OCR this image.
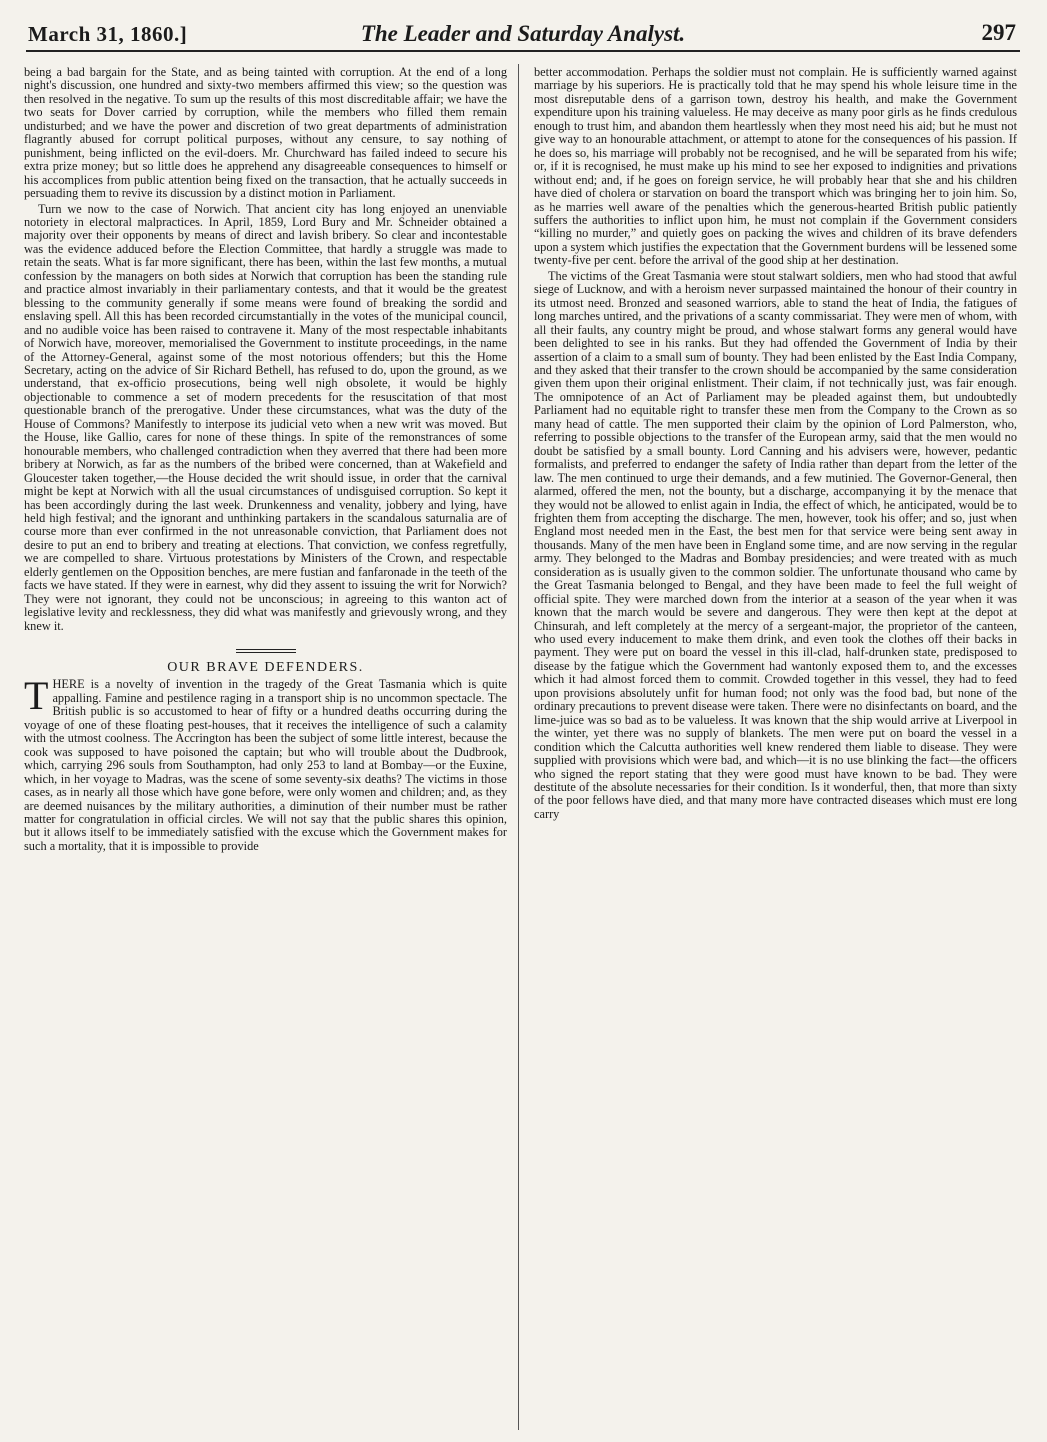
March 31, 1860.]	The Leader and Saturday Analyst.	297

being a bad bargain for the State, and as being tainted with corruption. At the end of a long night's discussion, one hundred and sixty-two members affirmed this view; so the question was then resolved in the negative. To sum up the results of this most discreditable affair; we have the two seats for Dover carried by corruption, while the members who filled them remain undisturbed; and we have the power and discretion of two great departments of administration flagrantly abused for corrupt political purposes, without any censure, to say nothing of punishment, being inflicted on the evil-doers. Mr. Churchward has failed indeed to secure his extra prize money; but so little does he apprehend any disagreeable consequences to himself or his accomplices from public attention being fixed on the transaction, that he actually succeeds in persuading them to revive its discussion by a distinct motion in Parliament.

Turn we now to the case of Norwich. That ancient city has long enjoyed an unenviable notoriety in electoral malpractices. In April, 1859, Lord Bury and Mr. Schneider obtained a majority over their opponents by means of direct and lavish bribery. So clear and incontestable was the evidence adduced before the Election Committee, that hardly a struggle was made to retain the seats. What is far more significant, there has been, within the last few months, a mutual confession by the managers on both sides at Norwich that corruption has been the standing rule and practice almost invariably in their parliamentary contests, and that it would be the greatest blessing to the community generally if some means were found of breaking the sordid and enslaving spell. All this has been recorded circumstantially in the votes of the municipal council, and no audible voice has been raised to contravene it. Many of the most respectable inhabitants of Norwich have, moreover, memorialised the Government to institute proceedings, in the name of the Attorney-General, against some of the most notorious offenders; but this the Home Secretary, acting on the advice of Sir Richard Bethell, has refused to do, upon the ground, as we understand, that ex-officio prosecutions, being well nigh obsolete, it would be highly objectionable to commence a set of modern precedents for the resuscitation of that most questionable branch of the prerogative. Under these circumstances, what was the duty of the House of Commons? Manifestly to interpose its judicial veto when a new writ was moved. But the House, like Gallio, cares for none of these things. In spite of the remonstrances of some honourable members, who challenged contradiction when they averred that there had been more bribery at Norwich, as far as the numbers of the bribed were concerned, than at Wakefield and Gloucester taken together,—the House decided the writ should issue, in order that the carnival might be kept at Norwich with all the usual circumstances of undisguised corruption. So kept it has been accordingly during the last week. Drunkenness and venality, jobbery and lying, have held high festival; and the ignorant and unthinking partakers in the scandalous saturnalia are of course more than ever confirmed in the not unreasonable conviction, that Parliament does not desire to put an end to bribery and treating at elections. That conviction, we confess regretfully, we are compelled to share. Virtuous protestations by Ministers of the Crown, and respectable elderly gentlemen on the Opposition benches, are mere fustian and fanfaronade in the teeth of the facts we have stated. If they were in earnest, why did they assent to issuing the writ for Norwich? They were not ignorant, they could not be unconscious; in agreeing to this wanton act of legislative levity and recklessness, they did what was manifestly and grievously wrong, and they knew it.

OUR BRAVE DEFENDERS.

THERE is a novelty of invention in the tragedy of the Great Tasmania which is quite appalling. Famine and pestilence raging in a transport ship is no uncommon spectacle. The British public is so accustomed to hear of fifty or a hundred deaths occurring during the voyage of one of these floating pest-houses, that it receives the intelligence of such a calamity with the utmost coolness. The Accrington has been the subject of some little interest, because the cook was supposed to have poisoned the captain; but who will trouble about the Dudbrook, which, carrying 296 souls from Southampton, had only 253 to land at Bombay—or the Euxine, which, in her voyage to Madras, was the scene of some seventy-six deaths? The victims in those cases, as in nearly all those which have gone before, were only women and children; and, as they are deemed nuisances by the military authorities, a diminution of their number must be rather matter for congratulation in official circles. We will not say that the public shares this opinion, but it allows itself to be immediately satisfied with the excuse which the Government makes for such a mortality, that it is impossible to provide

better accommodation. Perhaps the soldier must not complain. He is sufficiently warned against marriage by his superiors. He is practically told that he may spend his whole leisure time in the most disreputable dens of a garrison town, destroy his health, and make the Government expenditure upon his training valueless. He may deceive as many poor girls as he finds credulous enough to trust him, and abandon them heartlessly when they most need his aid; but he must not give way to an honourable attachment, or attempt to atone for the consequences of his passion. If he does so, his marriage will probably not be recognised, and he will be separated from his wife; or, if it is recognised, he must make up his mind to see her exposed to indignities and privations without end; and, if he goes on foreign service, he will probably hear that she and his children have died of cholera or starvation on board the transport which was bringing her to join him. So, as he marries well aware of the penalties which the generous-hearted British public patiently suffers the authorities to inflict upon him, he must not complain if the Government considers “killing no murder,” and quietly goes on packing the wives and children of its brave defenders upon a system which justifies the expectation that the Government burdens will be lessened some twenty-five per cent. before the arrival of the good ship at her destination.

The victims of the Great Tasmania were stout stalwart soldiers, men who had stood that awful siege of Lucknow, and with a heroism never surpassed maintained the honour of their country in its utmost need. Bronzed and seasoned warriors, able to stand the heat of India, the fatigues of long marches untired, and the privations of a scanty commissariat. They were men of whom, with all their faults, any country might be proud, and whose stalwart forms any general would have been delighted to see in his ranks. But they had offended the Government of India by their assertion of a claim to a small sum of bounty. They had been enlisted by the East India Company, and they asked that their transfer to the crown should be accompanied by the same consideration given them upon their original enlistment. Their claim, if not technically just, was fair enough. The omnipotence of an Act of Parliament may be pleaded against them, but undoubtedly Parliament had no equitable right to transfer these men from the Company to the Crown as so many head of cattle. The men supported their claim by the opinion of Lord Palmerston, who, referring to possible objections to the transfer of the European army, said that the men would no doubt be satisfied by a small bounty. Lord Canning and his advisers were, however, pedantic formalists, and preferred to endanger the safety of India rather than depart from the letter of the law. The men continued to urge their demands, and a few mutinied. The Governor-General, then alarmed, offered the men, not the bounty, but a discharge, accompanying it by the menace that they would not be allowed to enlist again in India, the effect of which, he anticipated, would be to frighten them from accepting the discharge. The men, however, took his offer; and so, just when England most needed men in the East, the best men for that service were being sent away in thousands. Many of the men have been in England some time, and are now serving in the regular army. They belonged to the Madras and Bombay presidencies; and were treated with as much consideration as is usually given to the common soldier. The unfortunate thousand who came by the Great Tasmania belonged to Bengal, and they have been made to feel the full weight of official spite. They were marched down from the interior at a season of the year when it was known that the march would be severe and dangerous. They were then kept at the depot at Chinsurah, and left completely at the mercy of a sergeant-major, the proprietor of the canteen, who used every inducement to make them drink, and even took the clothes off their backs in payment. They were put on board the vessel in this ill-clad, half-drunken state, predisposed to disease by the fatigue which the Government had wantonly exposed them to, and the excesses which it had almost forced them to commit. Crowded together in this vessel, they had to feed upon provisions absolutely unfit for human food; not only was the food bad, but none of the ordinary precautions to prevent disease were taken. There were no disinfectants on board, and the lime-juice was so bad as to be valueless. It was known that the ship would arrive at Liverpool in the winter, yet there was no supply of blankets. The men were put on board the vessel in a condition which the Calcutta authorities well knew rendered them liable to disease. They were supplied with provisions which were bad, and which—it is no use blinking the fact—the officers who signed the report stating that they were good must have known to be bad. They were destitute of the absolute necessaries for their condition. Is it wonderful, then, that more than sixty of the poor fellows have died, and that many more have contracted diseases which must ere long carry
